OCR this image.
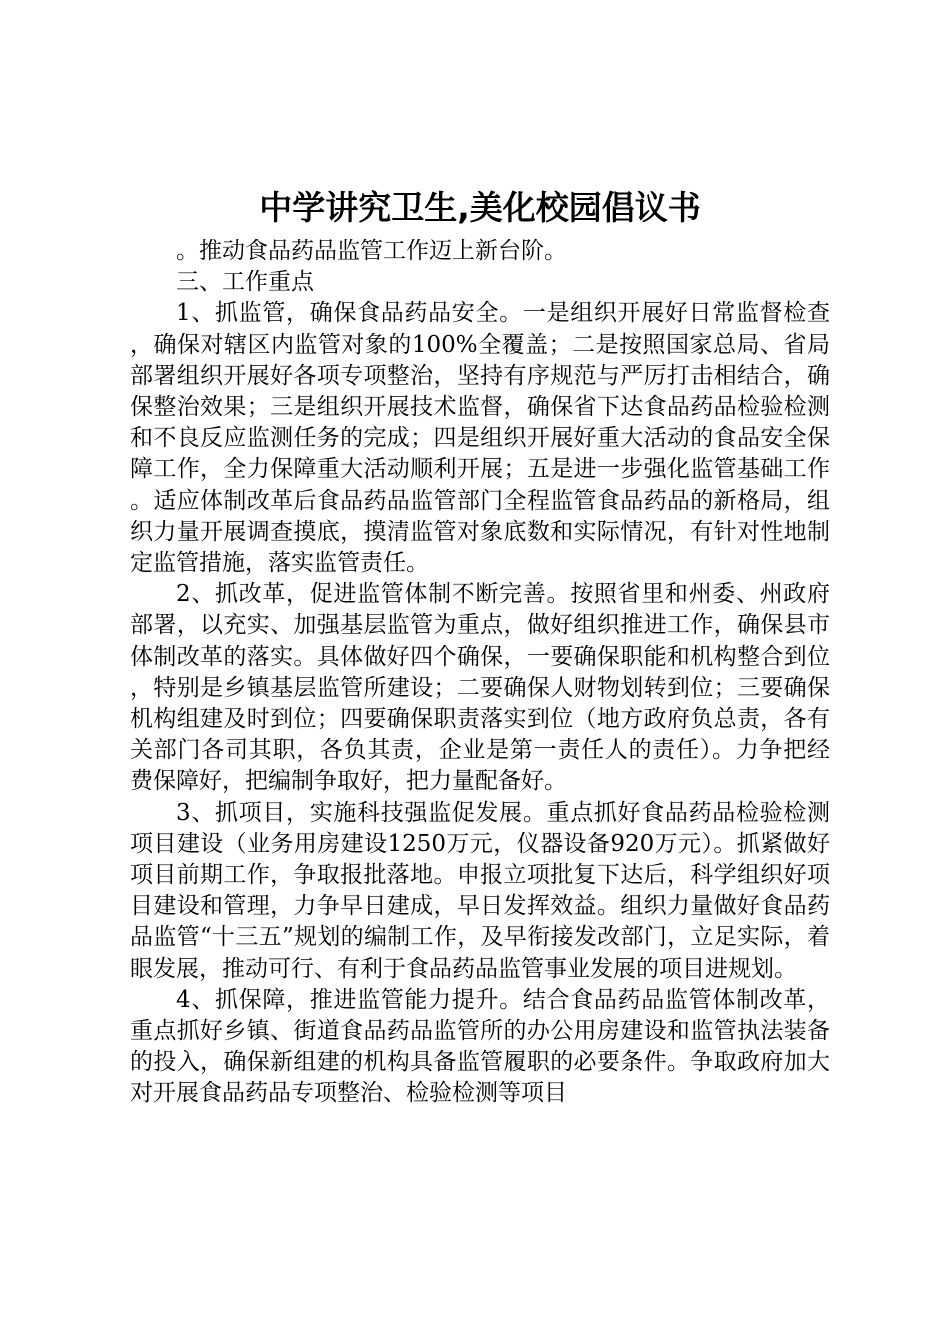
中学讲究卫生,美化校园倡议书

。推动食品药品监管工作迈上新台阶。

三、工作重点

1、抓监管，确保食品药品安全。一是组织开展好日常监督检查，确保对辖区内监管对象的100%全覆盖；二是按照国家总局、省局部署组织开展好各项专项整治，坚持有序规范与严厉打击相结合，确保整治效果；三是组织开展技术监督，确保省下达食品药品检验检测和不良反应监测任务的完成；四是组织开展好重大活动的食品安全保障工作，全力保障重大活动顺利开展；五是进一步强化监管基础工作。适应体制改革后食品药品监管部门全程监管食品药品的新格局，组织力量开展调查摸底，摸清监管对象底数和实际情况，有针对性地制定监管措施，落实监管责任。

2、抓改革，促进监管体制不断完善。按照省里和州委、州政府部署，以充实、加强基层监管为重点，做好组织推进工作，确保县市体制改革的落实。具体做好四个确保，一要确保职能和机构整合到位，特别是乡镇基层监管所建设；二要确保人财物划转到位；三要确保机构组建及时到位；四要确保职责落实到位（地方政府负总责，各有关部门各司其职，各负其责，企业是第一责任人的责任）。力争把经费保障好，把编制争取好，把力量配备好。

3、抓项目，实施科技强监促发展。重点抓好食品药品检验检测项目建设（业务用房建设1250万元，仪器设备920万元）。抓紧做好项目前期工作，争取报批落地。申报立项批复下达后，科学组织好项目建设和管理，力争早日建成，早日发挥效益。组织力量做好食品药品监管“十三五”规划的编制工作，及早衔接发改部门，立足实际，着眼发展，推动可行、有利于食品药品监管事业发展的项目进规划。

4、抓保障，推进监管能力提升。结合食品药品监管体制改革，重点抓好乡镇、街道食品药品监管所的办公用房建设和监管执法装备的投入，确保新组建的机构具备监管履职的必要条件。争取政府加大对开展食品药品专项整治、检验检测等项目
